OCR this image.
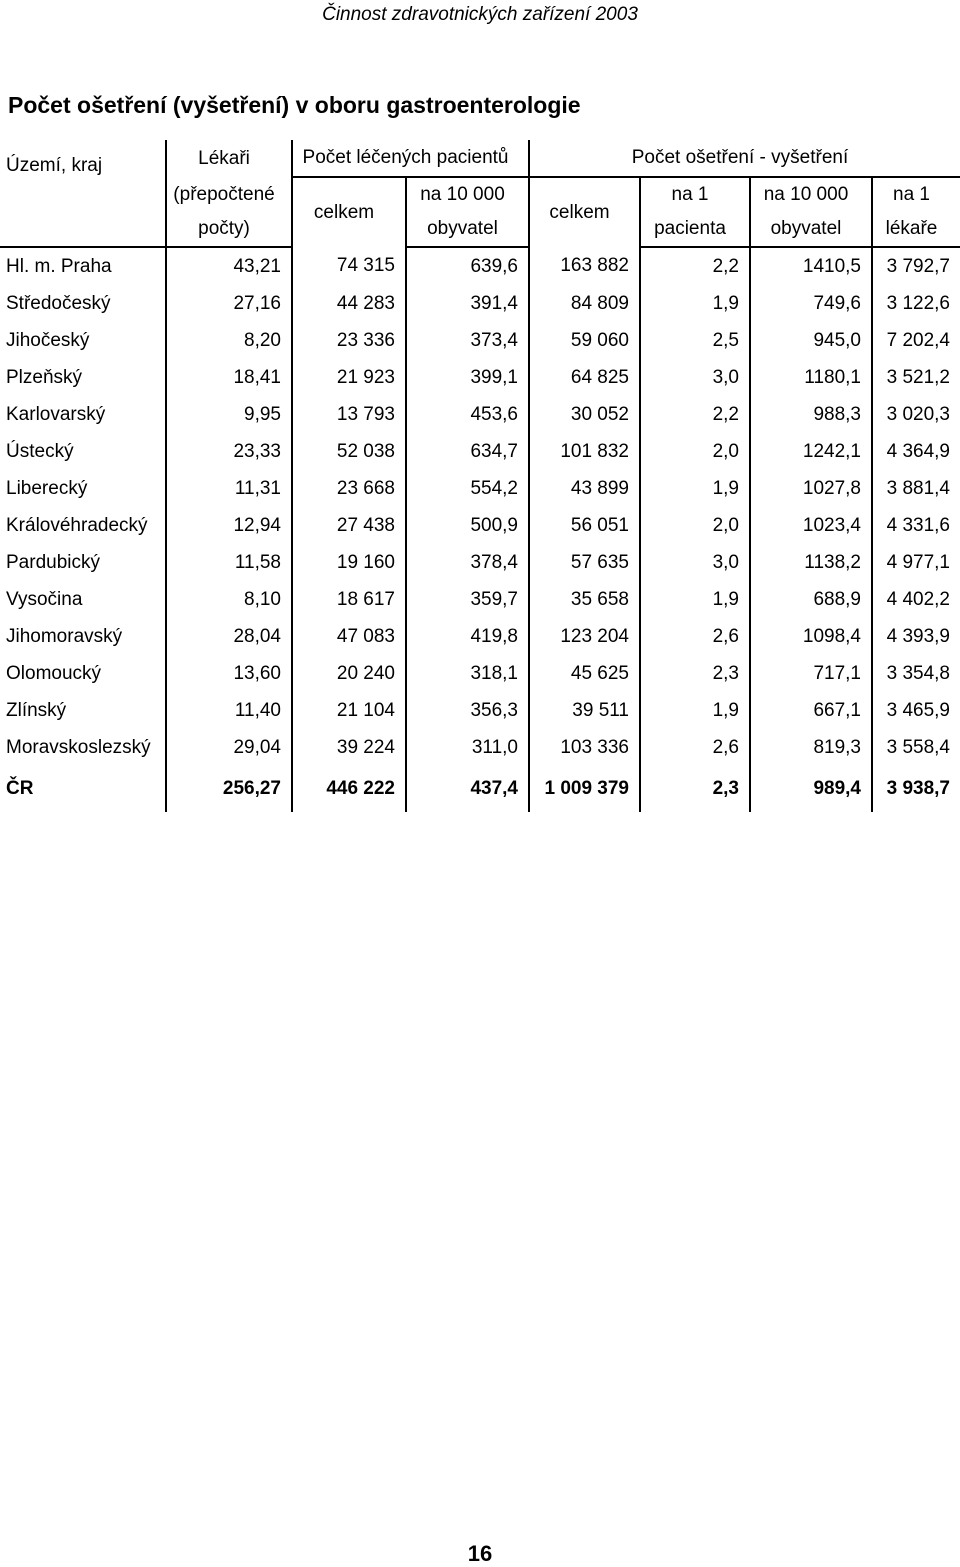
Činnost zdravotnických zařízení 2003
Počet ošetření (vyšetření) v oboru gastroenterologie
Území, kraj	Lékaři	Počet léčených pacientů		Počet ošetření - vyšetření			
	(přepočtené	celkem	na 10 000	celkem	na 1	na 10 000	na 1
	počty)		obyvatel		pacienta	obyvatel	lékaře
Hl. m. Praha	43,21	74 315	639,6	163 882	2,2	1410,5	3 792,7
Středočeský	27,16	44 283	391,4	84 809	1,9	749,6	3 122,6
Jihočeský	8,20	23 336	373,4	59 060	2,5	945,0	7 202,4
Plzeňský	18,41	21 923	399,1	64 825	3,0	1180,1	3 521,2
Karlovarský	9,95	13 793	453,6	30 052	2,2	988,3	3 020,3
Ústecký	23,33	52 038	634,7	101 832	2,0	1242,1	4 364,9
Liberecký	11,31	23 668	554,2	43 899	1,9	1027,8	3 881,4
Královéhradecký	12,94	27 438	500,9	56 051	2,0	1023,4	4 331,6
Pardubický	11,58	19 160	378,4	57 635	3,0	1138,2	4 977,1
Vysočina	8,10	18 617	359,7	35 658	1,9	688,9	4 402,2
Jihomoravský	28,04	47 083	419,8	123 204	2,6	1098,4	4 393,9
Olomoucký	13,60	20 240	318,1	45 625	2,3	717,1	3 354,8
Zlínský	11,40	21 104	356,3	39 511	1,9	667,1	3 465,9
Moravskoslezský	29,04	39 224	311,0	103 336	2,6	819,3	3 558,4
ČR	256,27	446 222	437,4	1 009 379	2,3	989,4	3 938,7
16
